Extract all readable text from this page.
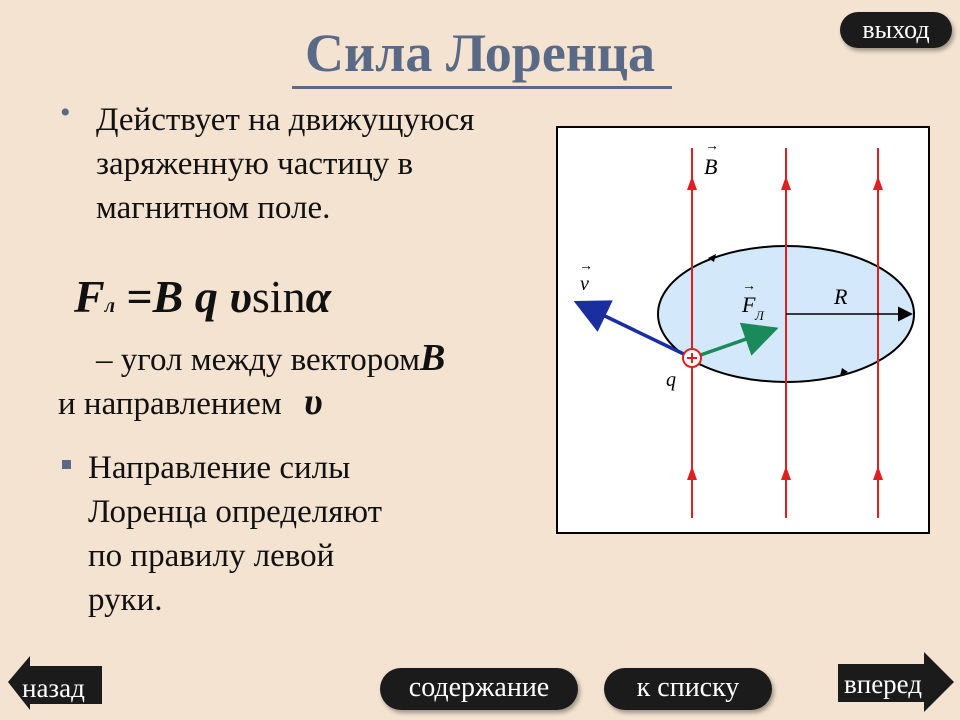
Сила Лоренца	выход
• Действует на движущуюся
заряженную частицу в
магнитном поле.
Fл =B q υsinα
– угол между векторомB
и направлением υ
Направление силы
Лоренца определяют
по правилу левой
руки.
B
→
v
→
F Л
→	R
q
назад	содержание	к списку	вперед
